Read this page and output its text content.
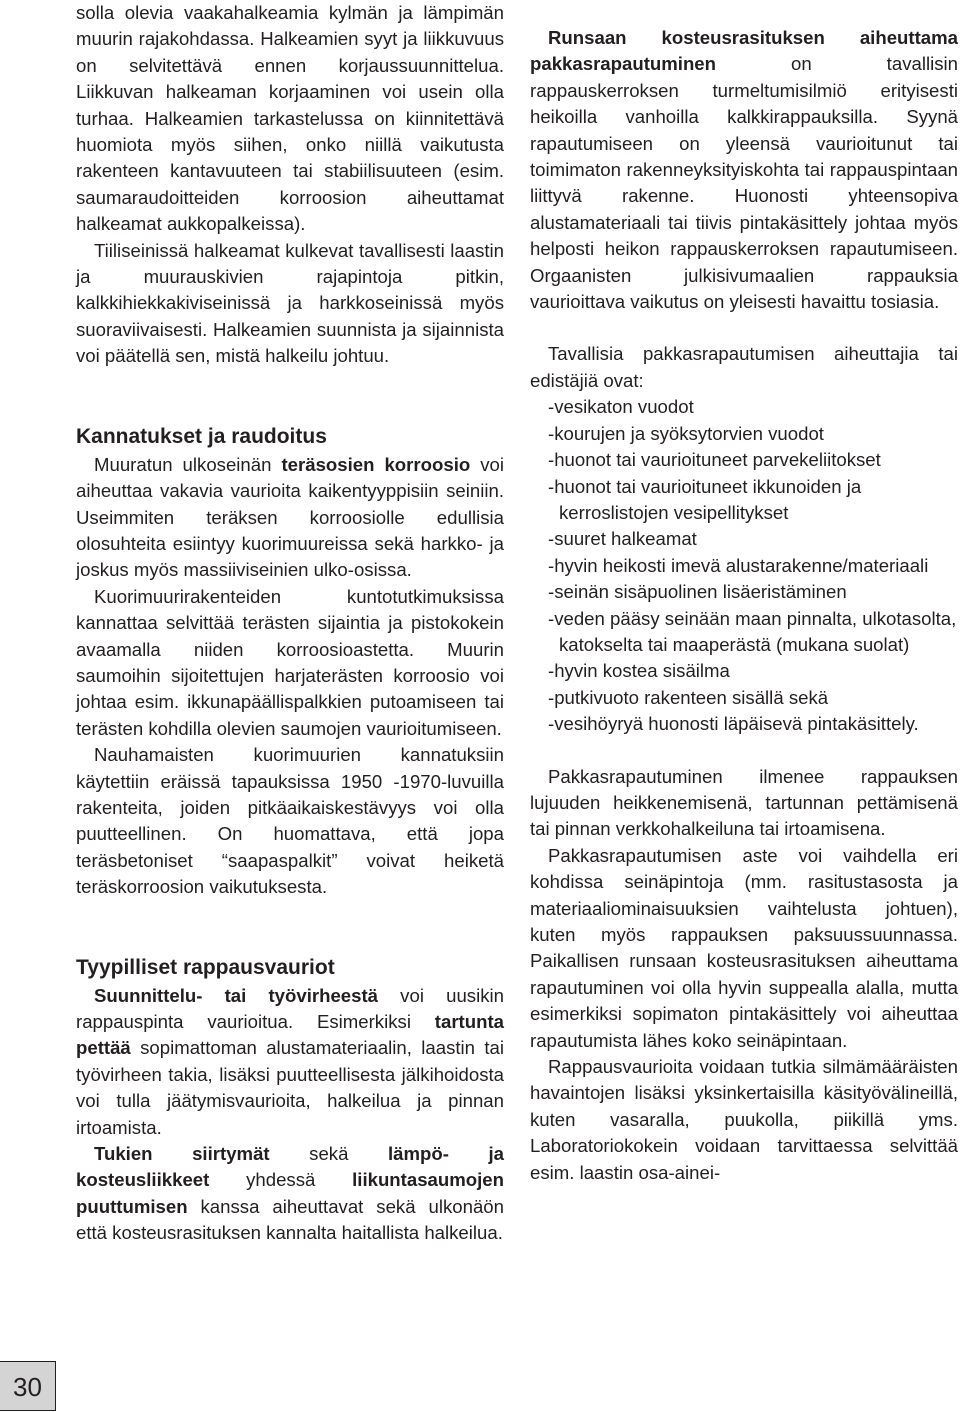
solla olevia vaakahalkeamia kylmän ja lämpimän muurin rajakohdassa. Halkeamien syyt ja liikkuvuus on selvitettävä ennen korjaussuunnittelua. Liikkuvan halkeaman korjaaminen voi usein olla turhaa. Halkeamien tarkastelussa on kiinnitettävä huomiota myös siihen, onko niillä vaikutusta rakenteen kantavuuteen tai stabiilisuuteen (esim. saumaraudoitteiden korroosion aiheuttamat halkeamat aukkopalkeissa).

Tiiliseinissä halkeamat kulkevat tavallisesti laastin ja muurauskivien rajapintoja pitkin, kalkkihiekkakiviseinissä ja harkkoseinissä myös suoraviivaisesti. Halkeamien suunnista ja sijainnista voi päätellä sen, mistä halkeilu johtuu.

Kannatukset ja raudoitus

Muuratun ulkoseinän teräsosien korroosio voi aiheuttaa vakavia vaurioita kaikentyyppisiin seiniin. Useimmiten teräksen korroosiolle edullisia olosuhteita esiintyy kuorimuureissa sekä harkko- ja joskus myös massiiviseinien ulko-osissa.

Kuorimuurirakenteiden kuntotutkimuksissa kannattaa selvittää terästen sijaintia ja pistokokein avaamalla niiden korroosioastetta. Muurin saumoihin sijoitettujen harjaterästen korroosio voi johtaa esim. ikkunapäällispalkkien putoamiseen tai terästen kohdilla olevien saumojen vaurioitumiseen.

Nauhamaisten kuorimuurien kannatuksiin käytettiin eräissä tapauksissa 1950 -1970-luvuilla rakenteita, joiden pitkäaikaiskestävyys voi olla puutteellinen. On huomattava, että jopa teräsbetoniset “saapaspalkit” voivat heiketä teräskorroosion vaikutuksesta.

Tyypilliset rappausvauriot

Suunnittelu- tai työvirheestä voi uusikin rappauspinta vaurioitua. Esimerkiksi tartunta pettää sopimattoman alustamateriaalin, laastin tai työvirheen takia, lisäksi puutteellisesta jälkihoidosta voi tulla jäätymisvaurioita, halkeilua ja pinnan irtoamista.

Tukien siirtymät sekä lämpö- ja kosteusliikkeet yhdessä liikuntasaumojen puuttumisen kanssa aiheuttavat sekä ulkonäön että kosteusrasituksen kannalta haitallista halkeilua.

Runsaan kosteusrasituksen aiheuttama pakkasrapautuminen on tavallisin rappauskerroksen turmeltumisilmiö erityisesti heikoilla vanhoilla kalkkirappauksilla. Syynä rapautumiseen on yleensä vaurioitunut tai toimimaton rakenneyksityiskohta tai rappauspintaan liittyvä rakenne. Huonosti yhteensopiva alustamateriaali tai tiivis pintakäsittely johtaa myös helposti heikon rappauskerroksen rapautumiseen. Orgaanisten julkisivumaalien rappauksia vaurioittava vaikutus on yleisesti havaittu tosiasia.

Tavallisia pakkasrapautumisen aiheuttajia tai edistäjiä ovat:

-vesikaton vuodot
-kourujen ja syöksytorvien vuodot
-huonot tai vaurioituneet parvekeliitokset
-huonot tai vaurioituneet ikkunoiden ja kerroslistojen vesipellitykset
-suuret halkeamat
-hyvin heikosti imevä alustarakenne/materiaali
-seinän sisäpuolinen lisäeristäminen
-veden pääsy seinään maan pinnalta, ulkotasolta, katokselta tai maaperästä (mukana suolat)
-hyvin kostea sisäilma
-putkivuoto rakenteen sisällä sekä
-vesihöyryä huonosti läpäisevä pintakäsittely.

Pakkasrapautuminen ilmenee rappauksen lujuuden heikkenemisenä, tartunnan pettämisenä tai pinnan verkkohalkeiluna tai irtoamisena.

Pakkasrapautumisen aste voi vaihdella eri kohdissa seinäpintoja (mm. rasitustasosta ja materiaaliominaisuuksien vaihtelusta johtuen), kuten myös rappauksen paksuussuunnassa. Paikallisen runsaan kosteusrasituksen aiheuttama rapautuminen voi olla hyvin suppealla alalla, mutta esimerkiksi sopimaton pintakäsittely voi aiheuttaa rapautumista lähes koko seinäpintaan.

Rappausvaurioita voidaan tutkia silmämääräisten havaintojen lisäksi yksinkertaisilla käsityövälineillä, kuten vasaralla, puukolla, piikillä yms. Laboratoriokokein voidaan tarvittaessa selvittää esim. laastin osa-ainei-

30
